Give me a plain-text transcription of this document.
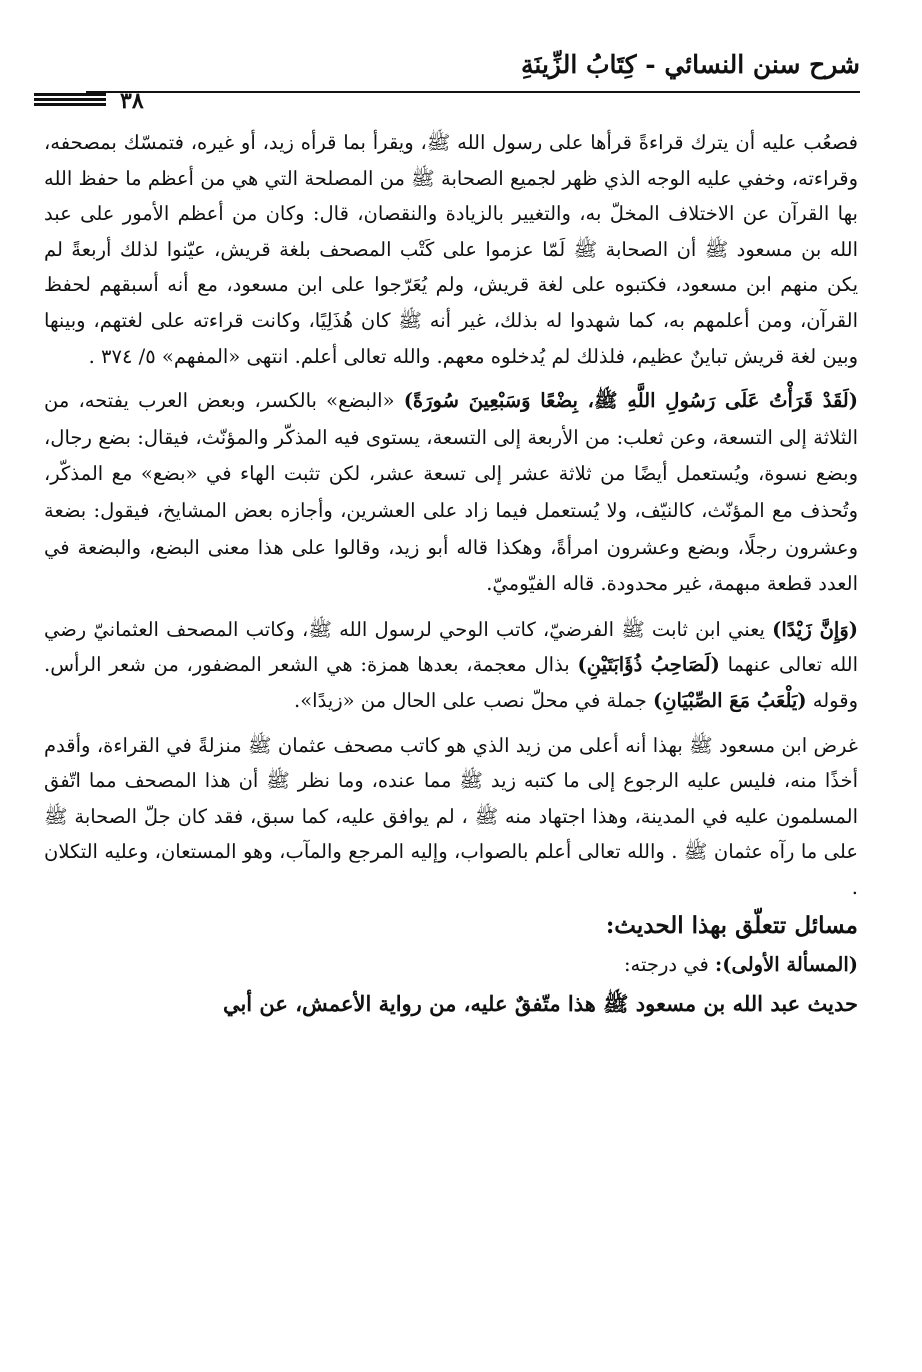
شرح سنن النسائي - كِتَابُ الزِّينَةِ
٣٨

فصعُب عليه أن يترك قراءةً قرأها على رسول الله ﷺ، ويقرأ بما قرأه زيد، أو غيره، فتمسّك بمصحفه، وقراءته، وخفي عليه الوجه الذي ظهر لجميع الصحابة ﷺ من المصلحة التي هي من أعظم ما حفظ الله بها القرآن عن الاختلاف المخلّ به، والتغيير بالزيادة والنقصان، قال: وكان من أعظم الأمور على عبد الله بن مسعود ﷺ أن الصحابة ﷺ لَمّا عزموا على كَتْب المصحف بلغة قريش، عيّنوا لذلك أربعةً لم يكن منهم ابن مسعود، فكتبوه على لغة قريش، ولم يُعَرّجوا على ابن مسعود، مع أنه أسبقهم لحفظ القرآن، ومن أعلمهم به، كما شهدوا له بذلك، غير أنه ﷺ كان هُذَلِيًا، وكانت قراءته على لغتهم، وبينها وبين لغة قريش تباينٌ عظيم، فلذلك لم يُدخلوه معهم. والله تعالى أعلم. انتهى «المفهم» ٥/ ٣٧٤ .

(لَقَدْ قَرَأْتُ عَلَى رَسُولِ اللَّهِ ﷺ، بِضْعًا وَسَبْعِينَ سُورَةً) «البضع» بالكسر، وبعض العرب يفتحه، من الثلاثة إلى التسعة، وعن ثعلب: من الأربعة إلى التسعة، يستوى فيه المذكّر والمؤنّث، فيقال: بضع رجال، وبضع نسوة، ويُستعمل أيضًا من ثلاثة عشر إلى تسعة عشر، لكن تثبت الهاء في «بضع» مع المذكّر، وتُحذف مع المؤنّث، كالنيّف، ولا يُستعمل فيما زاد على العشرين، وأجازه بعض المشايخ، فيقول: بضعة وعشرون رجلًا، وبضع وعشرون امرأةً، وهكذا قاله أبو زيد، وقالوا على هذا معنى البضع، والبضعة في العدد قطعة مبهمة، غير محدودة. قاله الفيّوميّ.

(وَإِنَّ زَيْدًا) يعني ابن ثابت ﷺ الفرضيّ، كاتب الوحي لرسول الله ﷺ، وكاتب المصحف العثمانيّ رضي الله تعالى عنهما (لَصَاحِبُ ذُؤَابَتَيْنِ) بذال معجمة، بعدها همزة: هي الشعر المضفور، من شعر الرأس. وقوله (يَلْعَبُ مَعَ الصِّبْيَانِ) جملة في محلّ نصب على الحال من «زيدًا».

غرض ابن مسعود ﷺ بهذا أنه أعلى من زيد الذي هو كاتب مصحف عثمان ﷺ منزلةً في القراءة، وأقدم أخذًا منه، فليس عليه الرجوع إلى ما كتبه زيد ﷺ مما عنده، وما نظر ﷺ أن هذا المصحف مما اتّفق المسلمون عليه في المدينة، وهذا اجتهاد منه ﷺ ، لم يوافق عليه، كما سبق، فقد كان جلّ الصحابة ﷺ على ما رآه عثمان ﷺ . والله تعالى أعلم بالصواب، وإليه المرجع والمآب، وهو المستعان، وعليه التكلان .

مسائل تتعلّق بهذا الحديث:

(المسألة الأولى): في درجته:

حديث عبد الله بن مسعود ﷺ هذا متّفقٌ عليه، من رواية الأعمش، عن أبي
